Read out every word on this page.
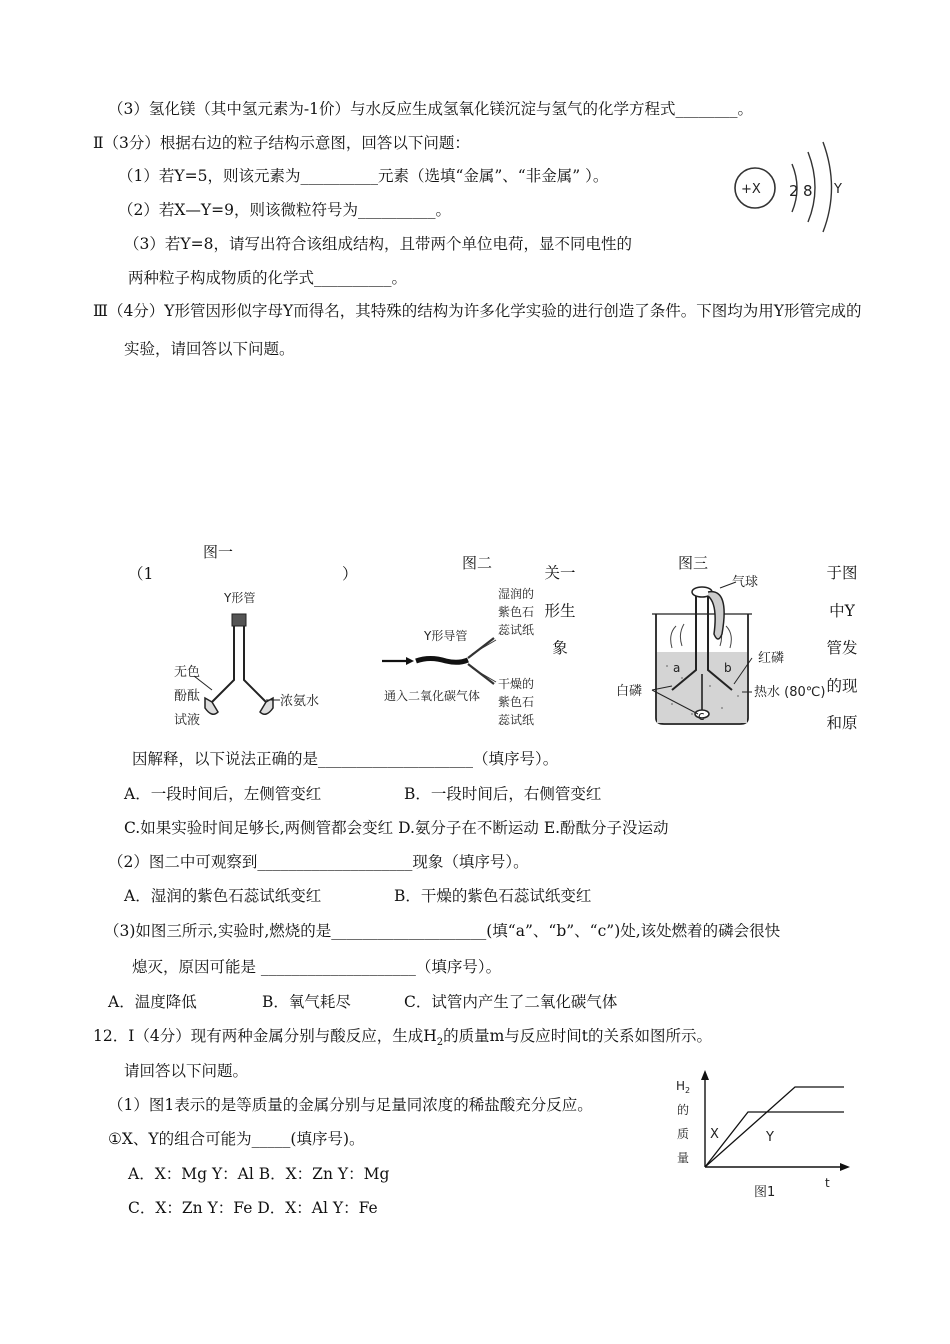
（3）氢化镁（其中氢元素为-1价）与水反应生成氢氧化镁沉淀与氢气的化学方程式________。
Ⅱ（3分）根据右边的粒子结构示意图，回答以下问题：
（1）若Y=5，则该元素为__________元素（选填“金属”、“非金属” ）。
（2）若X—Y=9，则该微粒符号为__________。
（3）若Y=8，请写出符合该组成结构，且带两个单位电荷，显不同电性的
两种粒子构成物质的化学式__________。
Ⅲ（4分）Y形管因形似字母Y而得名，其特殊的结构为许多化学实验的进行创造了条件。下图均为用Y形管完成的
实验，请回答以下问题。
+X 2 8 Y
图一
图二	图三
（1	）	关一形生象
于图中Y管发的现和原
Y形管
无色
酚酞
试液
浓氨水
Y形导管
通入二氧化碳气体
湿润的
紫色石
蕊试纸
干燥的
紫色石
蕊试纸
a	b
c
气球
红磷
白磷	热水 (80℃)
因解释，以下说法正确的是____________________（填序号）。
A．一段时间后，左侧管变红	B．一段时间后，右侧管变红
C.如果实验时间足够长,两侧管都会变红 D.氨分子在不断运动 E.酚酞分子没运动
（2）图二中可观察到____________________现象（填序号）。
A．湿润的紫色石蕊试纸变红	B．干燥的紫色石蕊试纸变红
（3)如图三所示,实验时,燃烧的是____________________(填“a”、“b”、“c”)处,该处燃着的磷会很快
熄灭，原因可能是 ____________________（填序号）。
A．温度降低	B．氧气耗尽	C．试管内产生了二氧化碳气体
12．Ⅰ（4分）现有两种金属分别与酸反应，生成$H_2$的质量m与反应时间t的关系如图所示。
请回答以下问题。
（1）图1表示的是等质量的金属分别与足量同浓度的稀盐酸充分反应。
①X、Y的组合可能为_____(填序号)。
A．X：Mg Y：Al B．X：Zn Y：Mg
C．X：Zn Y：Fe D．X：Al Y：Fe
$H_2$
的
质
量
X	Y
t
图1
